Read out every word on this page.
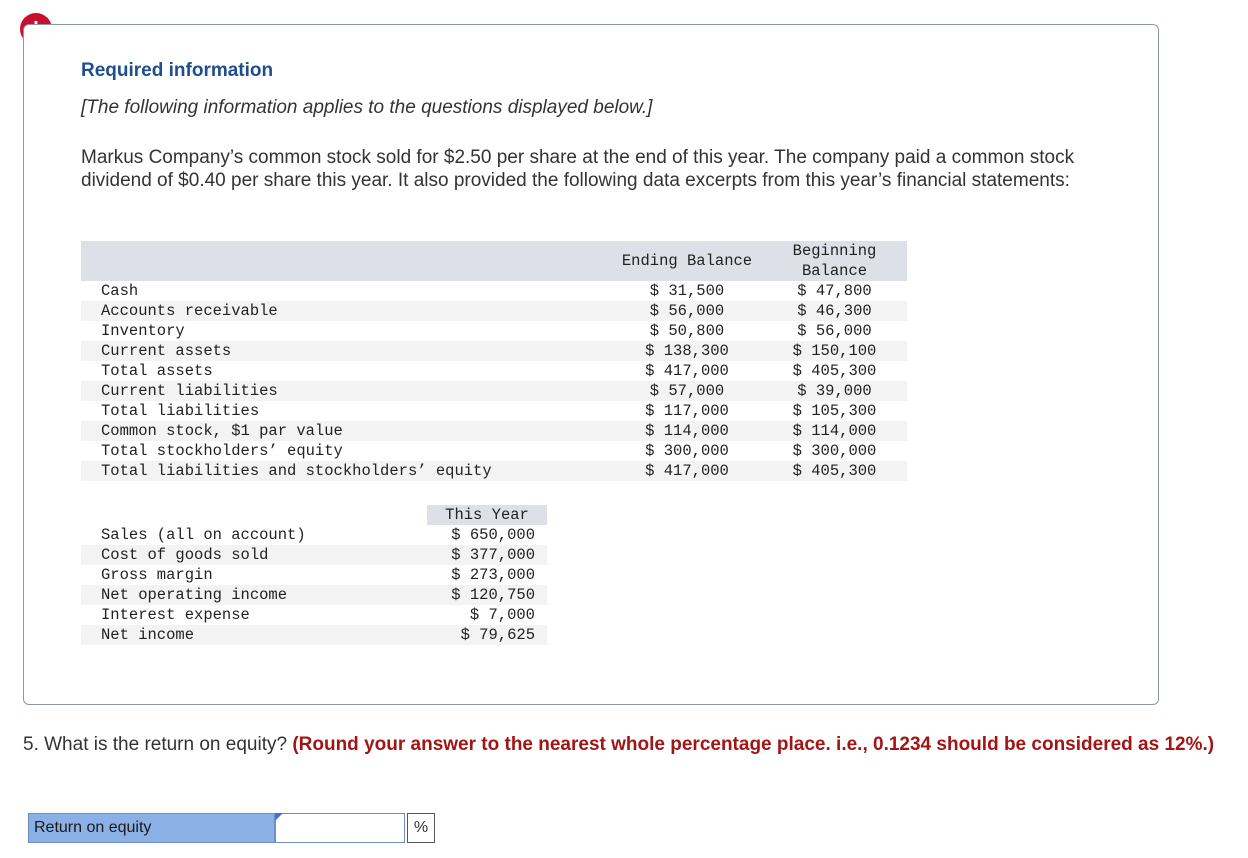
Required information
[The following information applies to the questions displayed below.]
Markus Company’s common stock sold for $2.50 per share at the end of this year. The company paid a common stock dividend of $0.40 per share this year. It also provided the following data excerpts from this year’s financial statements:
Ending Balance
Beginning
Balance
Cash	$ 31,500	$ 47,800
Accounts receivable	$ 56,000	$ 46,300
Inventory	$ 50,800	$ 56,000
Current assets	$ 138,300	$ 150,100
Total assets	$ 417,000	$ 405,300
Current liabilities	$ 57,000	$ 39,000
Total liabilities	$ 117,000	$ 105,300
Common stock, $1 par value	$ 114,000	$ 114,000
Total stockholders’ equity	$ 300,000	$ 300,000
Total liabilities and stockholders’ equity	$ 417,000	$ 405,300
This Year
Sales (all on account)	$ 650,000
Cost of goods sold	$ 377,000
Gross margin	$ 273,000
Net operating income	$ 120,750
Interest expense	$ 7,000
Net income	$ 79,625
5. What is the return on equity? (Round your answer to the nearest whole percentage place. i.e., 0.1234 should be considered as 12%.)
Return on equity	%
